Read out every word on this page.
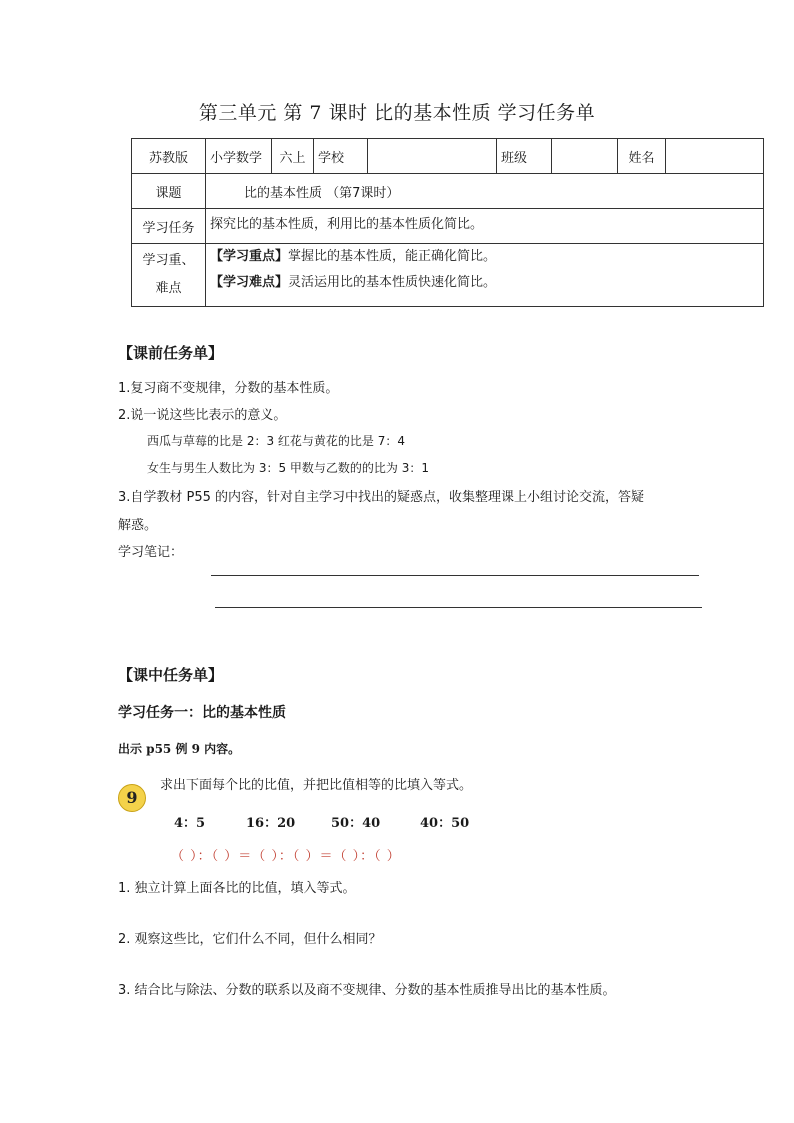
第三单元 第 7 课时 比的基本性质 学习任务单
苏教版	小学数学	六上	学校		班级		姓名	
课题	比的基本性质 （第7课时）							
学习任务	探究比的基本性质，利用比的基本性质化简比。							
学习重、
难点	【学习重点】掌握比的基本性质，能正确化简比。
【学习难点】灵活运用比的基本性质快速化简比。							
【课前任务单】
1.复习商不变规律，分数的基本性质。
2.说一说这些比表示的意义。
西瓜与草莓的比是 2：3 红花与黄花的比是 7：4
女生与男生人数比为 3：5 甲数与乙数的的比为 3：1
3.自学教材 P55 的内容，针对自主学习中找出的疑惑点，收集整理课上小组讨论交流，答疑
解惑。
学习笔记：
【课中任务单】
学习任务一：比的基本性质
出示 p55 例 9 内容。
9
求出下面每个比的比值，并把比值相等的比填入等式。
4：5	16：20	50：40	40：50
（ ）：（ ）＝（ ）：（ ）＝（ ）：（ ）
1. 独立计算上面各比的比值，填入等式。
2. 观察这些比，它们什么不同，但什么相同？
3. 结合比与除法、分数的联系以及商不变规律、分数的基本性质推导出比的基本性质。
